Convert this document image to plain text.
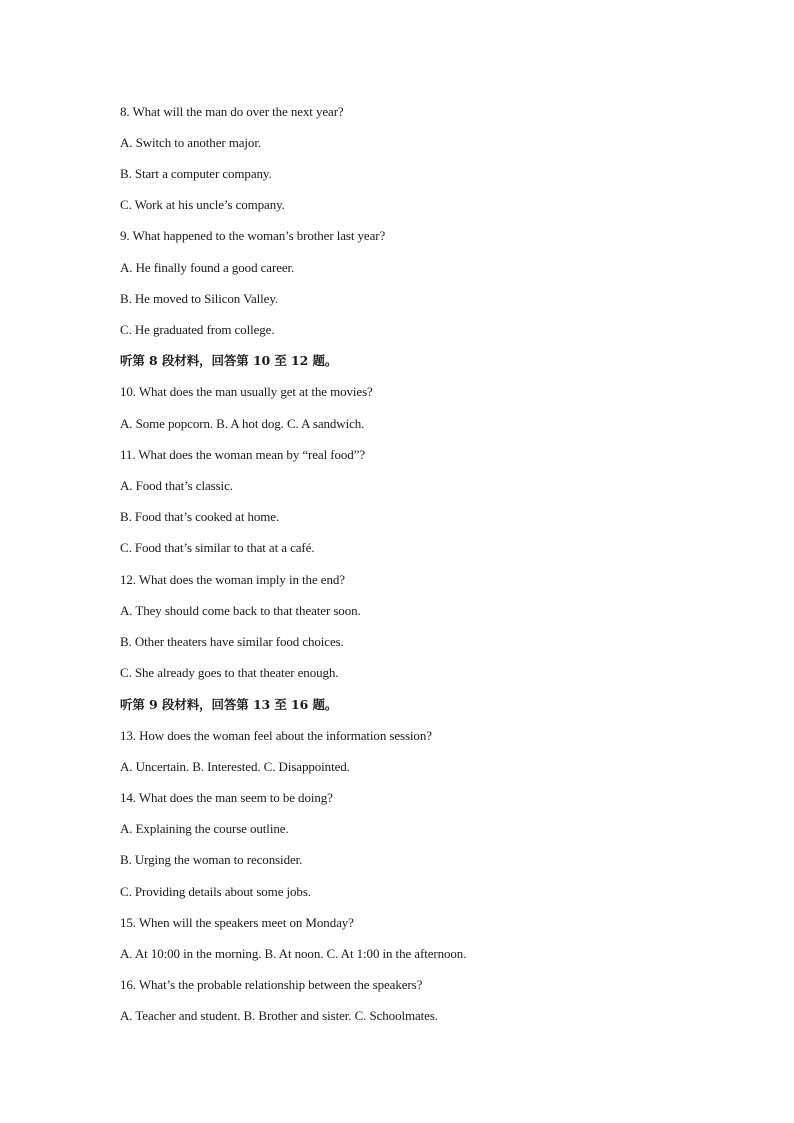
8. What will the man do over the next year?
A. Switch to another major.
B. Start a computer company.
C. Work at his uncle’s company.
9. What happened to the woman’s brother last year?
A. He finally found a good career.
B. He moved to Silicon Valley.
C. He graduated from college.
听第 8 段材料，回答第 10 至 12 题。
10. What does the man usually get at the movies?
A. Some popcorn. B. A hot dog. C. A sandwich.
11. What does the woman mean by “real food”?
A. Food that’s classic.
B. Food that’s cooked at home.
C. Food that’s similar to that at a café.
12. What does the woman imply in the end?
A. They should come back to that theater soon.
B. Other theaters have similar food choices.
C. She already goes to that theater enough.
听第 9 段材料，回答第 13 至 16 题。
13. How does the woman feel about the information session?
A. Uncertain. B. Interested. C. Disappointed.
14. What does the man seem to be doing?
A. Explaining the course outline.
B. Urging the woman to reconsider.
C. Providing details about some jobs.
15. When will the speakers meet on Monday?
A. At 10:00 in the morning. B. At noon. C. At 1:00 in the afternoon.
16. What’s the probable relationship between the speakers?
A. Teacher and student. B. Brother and sister. C. Schoolmates.
